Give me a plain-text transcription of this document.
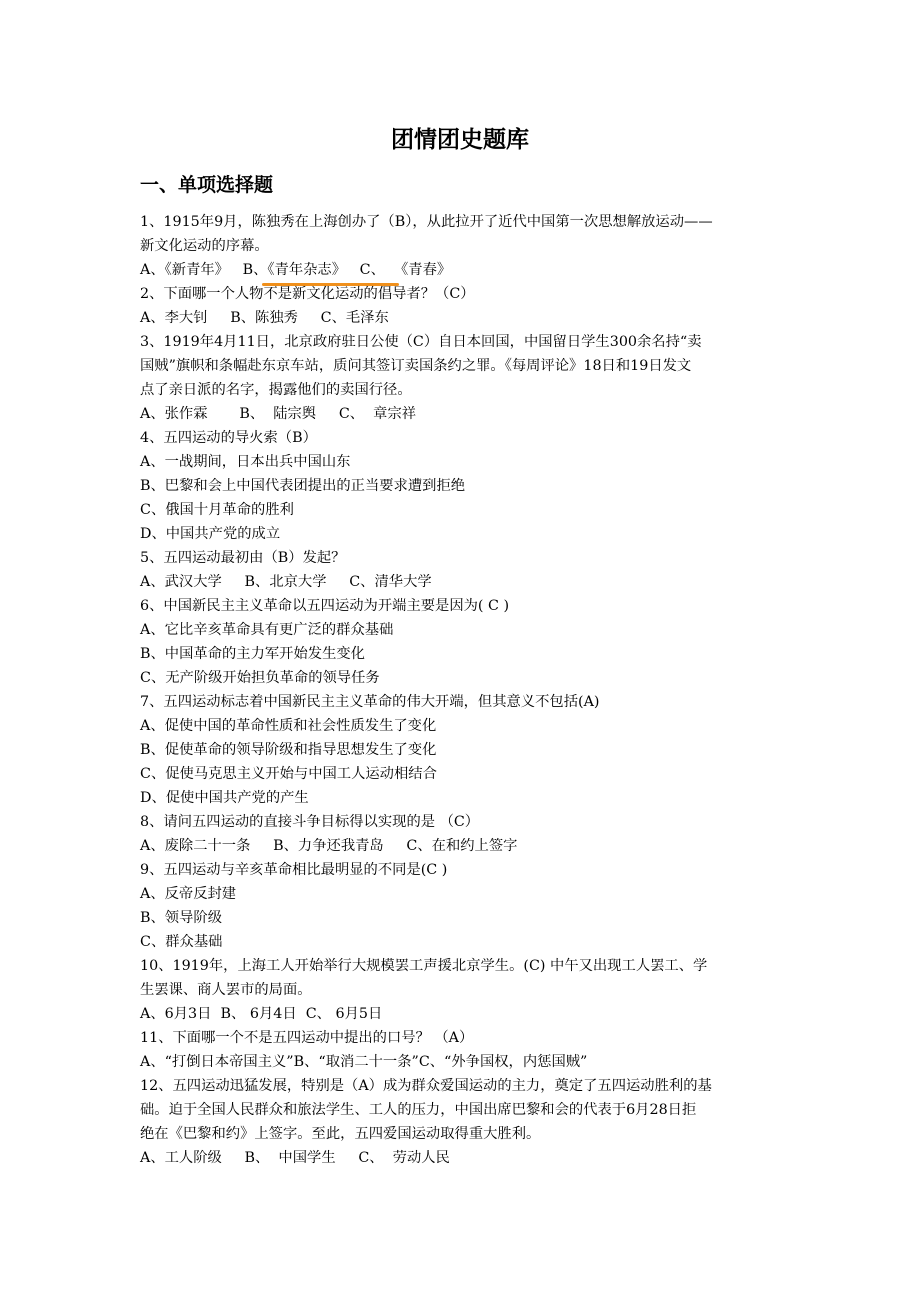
团情团史题库
一、单项选择题
1、1915年9月，陈独秀在上海创办了（B），从此拉开了近代中国第一次思想解放运动——
新文化运动的序幕。
A、《新青年》   B、《青年杂志》   C、  《青春》
2、下面哪一个人物不是新文化运动的倡导者？（C）
A、李大钊     B、陈独秀     C、毛泽东
3、1919年4月11日，北京政府驻日公使（C）自日本回国，中国留日学生300余名持“卖
国贼”旗帜和条幅赴东京车站，质问其签订卖国条约之罪。《每周评论》18日和19日发文
点了亲日派的名字，揭露他们的卖国行径。
A、张作霖       B、  陆宗舆     C、  章宗祥
4、五四运动的导火索（B）
A、一战期间，日本出兵中国山东
B、巴黎和会上中国代表团提出的正当要求遭到拒绝
C、俄国十月革命的胜利
D、中国共产党的成立
5、五四运动最初由（B）发起？
A、武汉大学     B、北京大学     C、清华大学
6、中国新民主主义革命以五四运动为开端主要是因为( C )
A、它比辛亥革命具有更广泛的群众基础
B、中国革命的主力军开始发生变化
C、无产阶级开始担负革命的领导任务
7、五四运动标志着中国新民主主义革命的伟大开端，但其意义不包括(A)
A、促使中国的革命性质和社会性质发生了变化
B、促使革命的领导阶级和指导思想发生了变化
C、促使马克思主义开始与中国工人运动相结合
D、促使中国共产党的产生
8、请问五四运动的直接斗争目标得以实现的是 （C）
A、废除二十一条     B、力争还我青岛     C、在和约上签字
9、五四运动与辛亥革命相比最明显的不同是(C )
A、反帝反封建
B、领导阶级
C、群众基础
10、1919年，上海工人开始举行大规模罢工声援北京学生。(C) 中午又出现工人罢工、学
生罢课、商人罢市的局面。
A、6月3日  B、 6月4日  C、 6月5日
11、下面哪一个不是五四运动中提出的口号？ （A）
A、“打倒日本帝国主义”B、“取消二十一条”C、“外争国权，内惩国贼”
12、五四运动迅猛发展，特别是（A）成为群众爱国运动的主力，奠定了五四运动胜利的基
础。迫于全国人民群众和旅法学生、工人的压力，中国出席巴黎和会的代表于6月28日拒
绝在《巴黎和约》上签字。至此，五四爱国运动取得重大胜利。
A、工人阶级     B、  中国学生     C、  劳动人民
